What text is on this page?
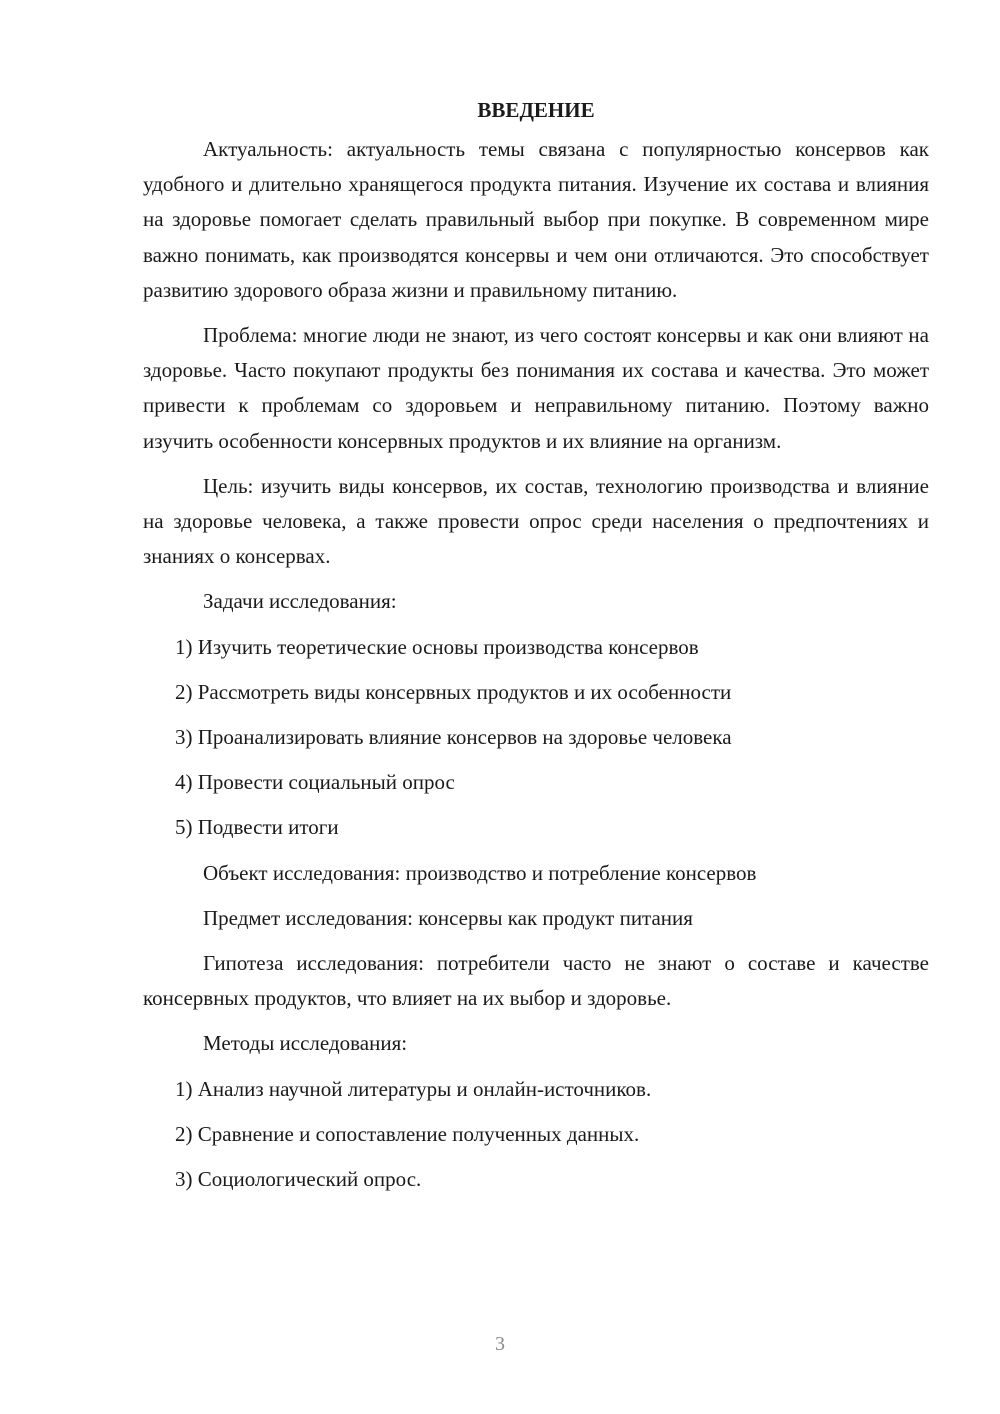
ВВЕДЕНИЕ

Актуальность: актуальность темы связана с популярностью консервов как удобного и длительно хранящегося продукта питания. Изучение их состава и влияния на здоровье помогает сделать правильный выбор при покупке. В современном мире важно понимать, как производятся консервы и чем они отличаются. Это способствует развитию здорового образа жизни и правильному питанию.

Проблема: многие люди не знают, из чего состоят консервы и как они влияют на здоровье. Часто покупают продукты без понимания их состава и качества. Это может привести к проблемам со здоровьем и неправильному питанию. Поэтому важно изучить особенности консервных продуктов и их влияние на организм.

Цель: изучить виды консервов, их состав, технологию производства и влияние на здоровье человека, а также провести опрос среди населения о предпочтениях и знаниях о консервах.

Задачи исследования:
1) Изучить теоретические основы производства консервов
2) Рассмотреть виды консервных продуктов и их особенности
3) Проанализировать влияние консервов на здоровье человека
4) Провести социальный опрос
5) Подвести итоги
Объект исследования: производство и потребление консервов
Предмет исследования: консервы как продукт питания

Гипотеза исследования: потребители часто не знают о составе и качестве консервных продуктов, что влияет на их выбор и здоровье.

Методы исследования:
1) Анализ научной литературы и онлайн-источников.
2) Сравнение и сопоставление полученных данных.
3) Социологический опрос.
3
